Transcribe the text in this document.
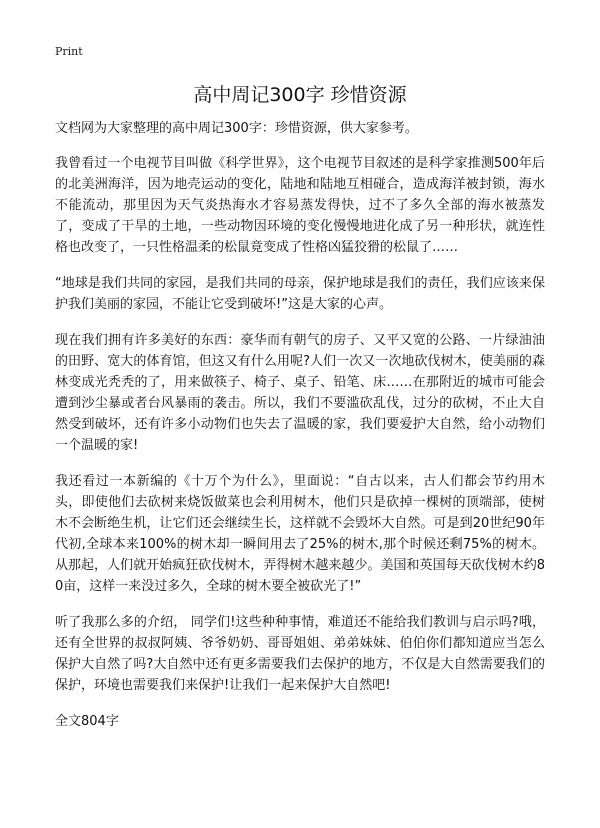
Print
高中周记300字 珍惜资源

文档网为大家整理的高中周记300字：珍惜资源，供大家参考。

我曾看过一个电视节目叫做《科学世界》，这个电视节目叙述的是科学家推测500年后的北美洲海洋，因为地壳运动的变化，陆地和陆地互相碰合，造成海洋被封锁，海水不能流动，那里因为天气炎热海水才容易蒸发得快，过不了多久全部的海水被蒸发了，变成了干旱的土地，一些动物因环境的变化慢慢地进化成了另一种形状，就连性格也改变了，一只性格温柔的松鼠竟变成了性格凶猛狡猾的松鼠了……

“地球是我们共同的家园，是我们共同的母亲，保护地球是我们的责任，我们应该来保护我们美丽的家园，不能让它受到破坏!”这是大家的心声。

现在我们拥有许多美好的东西：豪华而有朝气的房子、又平又宽的公路、一片绿油油的田野、宽大的体育馆，但这又有什么用呢?人们一次又一次地砍伐树木，使美丽的森林变成光秃秃的了，用来做筷子、椅子、桌子、铅笔、床……在那附近的城市可能会遭到沙尘暴或者台风暴雨的袭击。所以，我们不要滥砍乱伐，过分的砍树，不止大自然受到破坏，还有许多小动物们也失去了温暖的家，我们要爱护大自然，给小动物们一个温暖的家!

我还看过一本新编的《十万个为什么》，里面说：“自古以来，古人们都会节约用木头，即使他们去砍树来烧饭做菜也会利用树木，他们只是砍掉一棵树的顶端部，使树木不会断绝生机，让它们还会继续生长，这样就不会毁坏大自然。可是到20世纪90年代初,全球本来100%的树木却一瞬间用去了25%的树木,那个时候还剩75%的树木。从那起，人们就开始疯狂砍伐树木，弄得树木越来越少。美国和英国每天砍伐树木约80亩，这样一来没过多久，全球的树木要全被砍光了!”

听了我那么多的介绍， 同学们!这些种种事情，难道还不能给我们教训与启示吗?哦，还有全世界的叔叔阿姨、爷爷奶奶、哥哥姐姐、弟弟妹妹、伯伯你们都知道应当怎么保护大自然了吗?大自然中还有更多需要我们去保护的地方，不仅是大自然需要我们的保护，环境也需要我们来保护!让我们一起来保护大自然吧!

全文804字
